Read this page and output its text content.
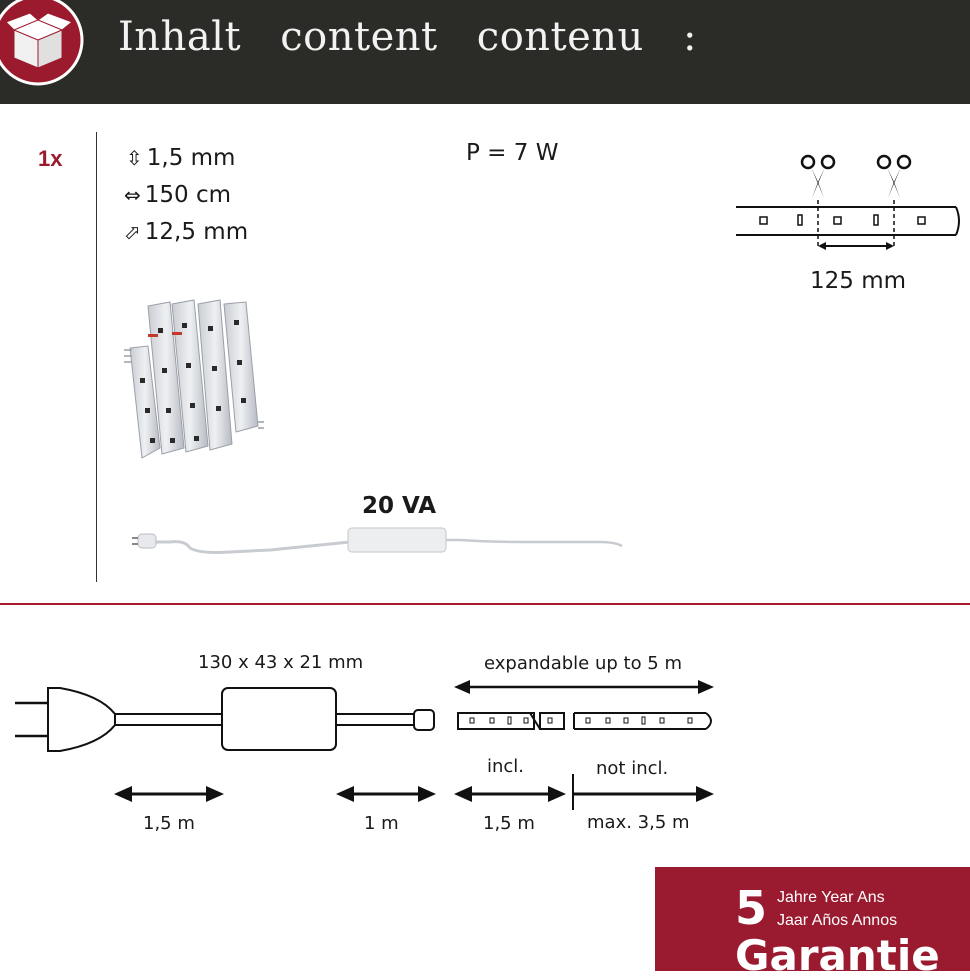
Inhalt content contenu :
1x	⇳ 1,5 mm
⇔ 150 cm
⬀ 12,5 mm
P = 7 W
125 mm
20 VA
130 x 43 x 21 mm	expandable up to 5 m
incl.	not incl.
1,5 m	1 m	1,5 m	max. 3,5 m
5 Jahre Year Ans
Jaar Años Annos
Garantie
